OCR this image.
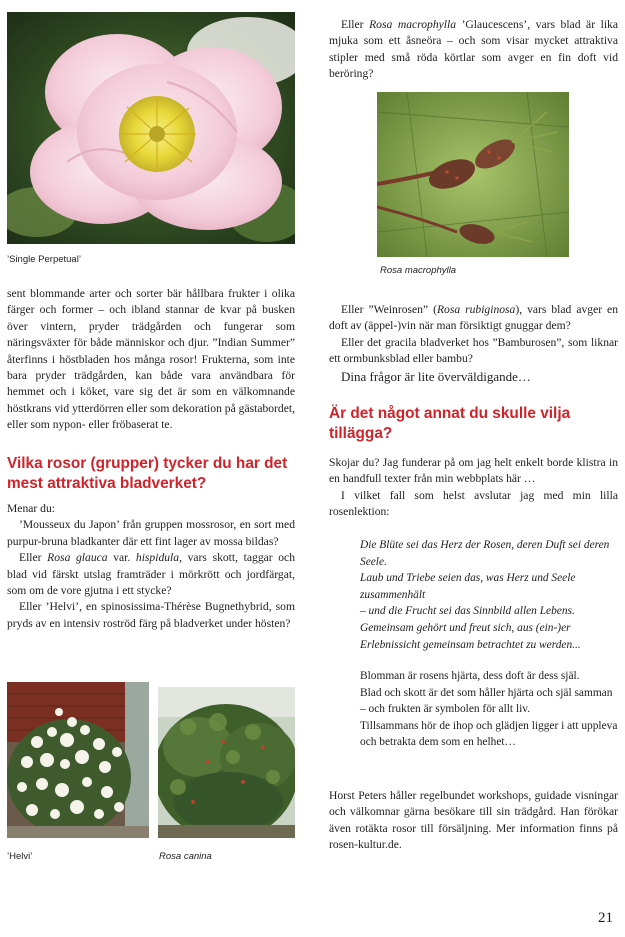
’Single Perpetual’

sent blommande arter och sorter bär hållbara frukter i olika färger och former – och ibland stannar de kvar på busken över vintern, pryder trädgården och fungerar som näringsväxter för både människor och djur. ”Indian Summer” återfinns i höstbladen hos många rosor! Frukterna, som inte bara pryder trädgården, kan både vara användbara för hemmet och i köket, vare sig det är som en välkomnande höstkrans vid ytterdörren eller som dekoration på gästabordet, eller som nypon- eller fröbaserat te.

Vilka rosor (grupper) tycker du har det mest attraktiva bladverket?

Menar du:

’Mousseux du Japon’ från gruppen mossrosor, en sort med purpur-bruna bladkanter där ett fint lager av mossa bildas?

Eller Rosa glauca var. hispidula, vars skott, taggar och blad vid färskt utslag framträder i mörkrött och jordfärgat, som om de vore gjutna i ett stycke?

Eller ’Helvi’, en spinosissima-Thérèse Bugnethybrid, som pryds av en intensiv roströd färg på bladverket under hösten?

’Helvi’	Rosa canina

Eller Rosa macrophylla ’Glaucescens’, vars blad är lika mjuka som ett åsneöra – och som visar mycket attraktiva stipler med små röda körtlar som avger en fin doft vid beröring?

Rosa macrophylla

Eller ”Weinrosen” (Rosa rubiginosa), vars blad avger en doft av (äppel-)vin när man försiktigt gnuggar dem?

Eller det gracila bladverket hos ”Bamburosen”, som liknar ett ormbunksblad eller bambu?

Dina frågor är lite överväldigande…

Är det något annat du skulle vilja tillägga?

Skojar du? Jag funderar på om jag helt enkelt borde klistra in en handfull texter från min webbplats här …

I vilket fall som helst avslutar jag med min lilla rosenlektion:

Die Blüte sei das Herz der Rosen, deren Duft sei deren Seele.
Laub und Triebe seien das, was Herz und Seele zusammenhält
– und die Frucht sei das Sinnbild allen Lebens.
Gemeinsam gehört und freut sich, aus (ein-)er Erlebnissicht gemeinsam betrachtet zu werden...
Blomman är rosens hjärta, dess doft är dess själ.
Blad och skott är det som håller hjärta och själ samman
– och frukten är symbolen för allt liv.
Tillsammans hör de ihop och glädjen ligger i att uppleva och betrakta dem som en helhet…

Horst Peters håller regelbundet workshops, guidade visningar och välkomnar gärna besökare till sin trädgård. Han förökar även rotäkta rosor till försäljning. Mer information finns på rosen-kultur.de.

21
